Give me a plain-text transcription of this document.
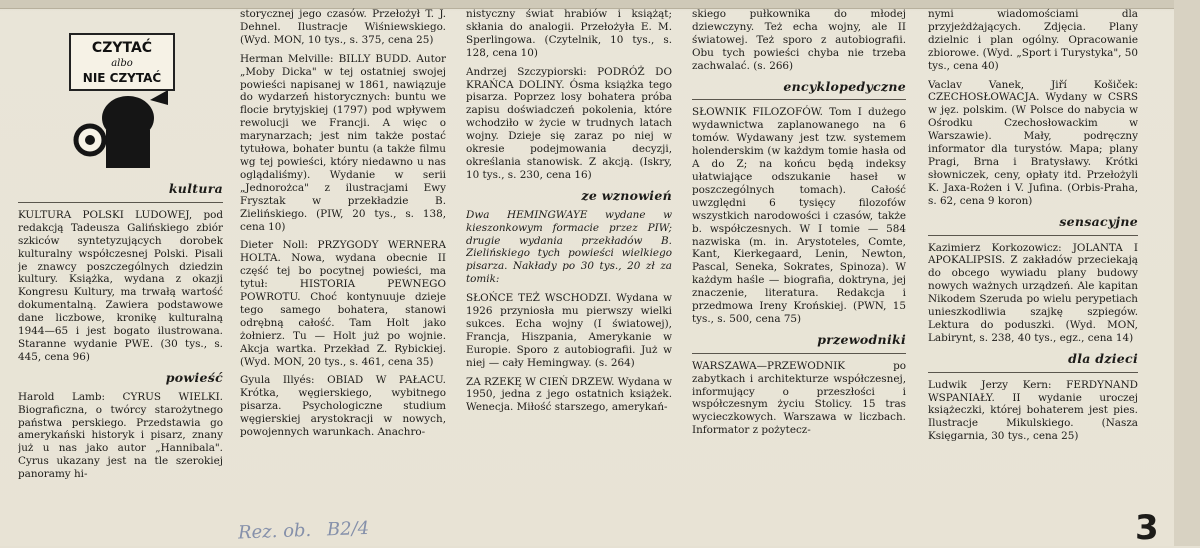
CZYTAĆ
albo
NIE CZYTAĆ
kultura

KULTURA POLSKI LUDOWEJ, pod redakcją Tadeusza Galińskiego zbiór szkiców syntetyzujących dorobek kulturalny współczesnej Polski. Pisali je znawcy poszczególnych dziedzin kultury. Książka, wydana z okazji Kongresu Kultury, ma trwałą wartość dokumentalną. Zawiera podstawowe dane liczbowe, kronikę kulturalną 1944—65 i jest bogato ilustrowana. Staranne wydanie PWE. (30 tys., s. 445, cena 96)

powieść

Harold Lamb: CYRUS WIELKI. Biograficzna, o twórcy starożytnego państwa perskiego. Przedstawia go amerykański historyk i pisarz, znany już u nas jako autor „Hannibala". Cyrus ukazany jest na tle szerokiej panoramy hi-

storycznej jego czasów. Przełożył T. J. Dehnel. Ilustracje Wiśniewskiego. (Wyd. MON, 10 tys., s. 375, cena 25)

Herman Melville: BILLY BUDD. Autor „Moby Dicka" w tej ostatniej swojej powieści napisanej w 1861, nawiązuje do wydarzeń historycznych: buntu we flocie brytyjskiej (1797) pod wpływem rewolucji we Francji. A więc o marynarzach; jest nim także postać tytułowa, bohater buntu (a także filmu wg tej powieści, który niedawno u nas oglądaliśmy). Wydanie w serii „Jednorożca" z ilustracjami Ewy Frysztak w przekładzie B. Zielińskiego. (PIW, 20 tys., s. 138, cena 10)

Dieter Noll: PRZYGODY WERNERA HOLTA. Nowa, wydana obecnie II część tej bo pocytnej powieści, ma tytuł: HISTORIA PEWNEGO POWROTU. Choć kontynuuje dzieje tego samego bohatera, stanowi odrębną całość. Tam Holt jako żołnierz. Tu — Holt już po wojnie. Akcja wartka. Przekład Z. Rybickiej. (Wyd. MON, 20 tys., s. 461, cena 35)

Gyula Illyés: OBIAD W PAŁACU. Krótka, węgierskiego, wybitnego pisarza. Psychologiczne studium węgierskiej arystokracji w nowych, powojennych warunkach. Anachro-

nistyczny świat hrabiów i książąt; skłania do analogii. Przełożyła E. M. Sperlingowa. (Czytelnik, 10 tys., s. 128, cena 10)

Andrzej Szczypiorski: PODRÓŻ DO KRAŃCA DOLINY. Ósma książka tego pisarza. Poprzez losy bohatera próba zapisu doświadczeń pokolenia, które wchodziło w życie w trudnych latach wojny. Dzieje się zaraz po niej w okresie podejmowania decyzji, określania stanowisk. Z akcją. (Iskry, 10 tys., s. 230, cena 16)

ze wznowień

Dwa HEMINGWAYE wydane w kieszonkowym formacie przez PIW; drugie wydania przekładów B. Zielińskiego tych powieści wielkiego pisarza. Nakłady po 30 tys., 20 zł za tomik:

SŁOŃCE TEŻ WSCHODZI. Wydana w 1926 przyniosła mu pierwszy wielki sukces. Echa wojny (I światowej), Francja, Hiszpania, Amerykanie w Europie. Sporo z autobiografii. Już w niej — cały Hemingway. (s. 264)

ZA RZEKĘ W CIEŃ DRZEW. Wydana w 1950, jedna z jego ostatnich książek. Wenecja. Miłość starszego, amerykań-

skiego pułkownika do młodej dziewczyny. Też echa wojny, ale II światowej. Też sporo z autobiografii. Obu tych powieści chyba nie trzeba zachwalać. (s. 266)

encyklopedyczne

SŁOWNIK FILOZOFÓW. Tom I dużego wydawnictwa zaplanowanego na 6 tomów. Wydawany jest tzw. systemem holenderskim (w każdym tomie hasła od A do Z; na końcu będą indeksy ułatwiające odszukanie haseł w poszczególnych tomach). Całość uwzględni 6 tysięcy filozofów wszystkich narodowości i czasów, także b. współczesnych. W I tomie — 584 nazwiska (m. in. Arystoteles, Comte, Kant, Kierkegaard, Lenin, Newton, Pascal, Seneka, Sokrates, Spinoza). W każdym haśle — biografia, doktryna, jej znaczenie, literatura. Redakcja i przedmowa Ireny Krońskiej. (PWN, 15 tys., s. 500, cena 75)

przewodniki

WARSZAWA—PRZEWODNIK po zabytkach i architekturze współczesnej, informujący o przeszłości i współczesnym życiu Stolicy. 15 tras wycieczkowych. Warszawa w liczbach. Informator z pożytecz-

nymi wiadomościami dla przyjeżdżających. Zdjęcia. Plany dzielnic i plan ogólny. Opracowanie zbiorowe. (Wyd. „Sport i Turystyka", 50 tys., cena 40)

Vaclav Vanek, Jiří Košiček: CZECHOSŁOWACJA. Wydany w CSRS w jęz. polskim. (W Polsce do nabycia w Ośrodku Czechosłowackim w Warszawie). Mały, podręczny informator dla turystów. Mapa; plany Pragi, Brna i Bratysławy. Krótki słowniczek, ceny, opłaty itd. Przełożyli K. Jaxa-Rożen i V. Jufina. (Orbis-Praha, s. 62, cena 9 koron)

sensacyjne

Kazimierz Korkozowicz: JOLANTA I APOKALIPSIS. Z zakładów przeciekają do obcego wywiadu plany budowy nowych ważnych urządzeń. Ale kapitan Nikodem Szeruda po wielu perypetiach unieszkodliwia szajkę szpiegów. Lektura do poduszki. (Wyd. MON, Labirynt, s. 238, 40 tys., egz., cena 14)

dla dzieci

Ludwik Jerzy Kern: FERDYNAND WSPANIAŁY. II wydanie uroczej książeczki, której bohaterem jest pies. Ilustracje Mikulskiego. (Nasza Księgarnia, 30 tys., cena 25)

Rez. ob. B2/4	3
